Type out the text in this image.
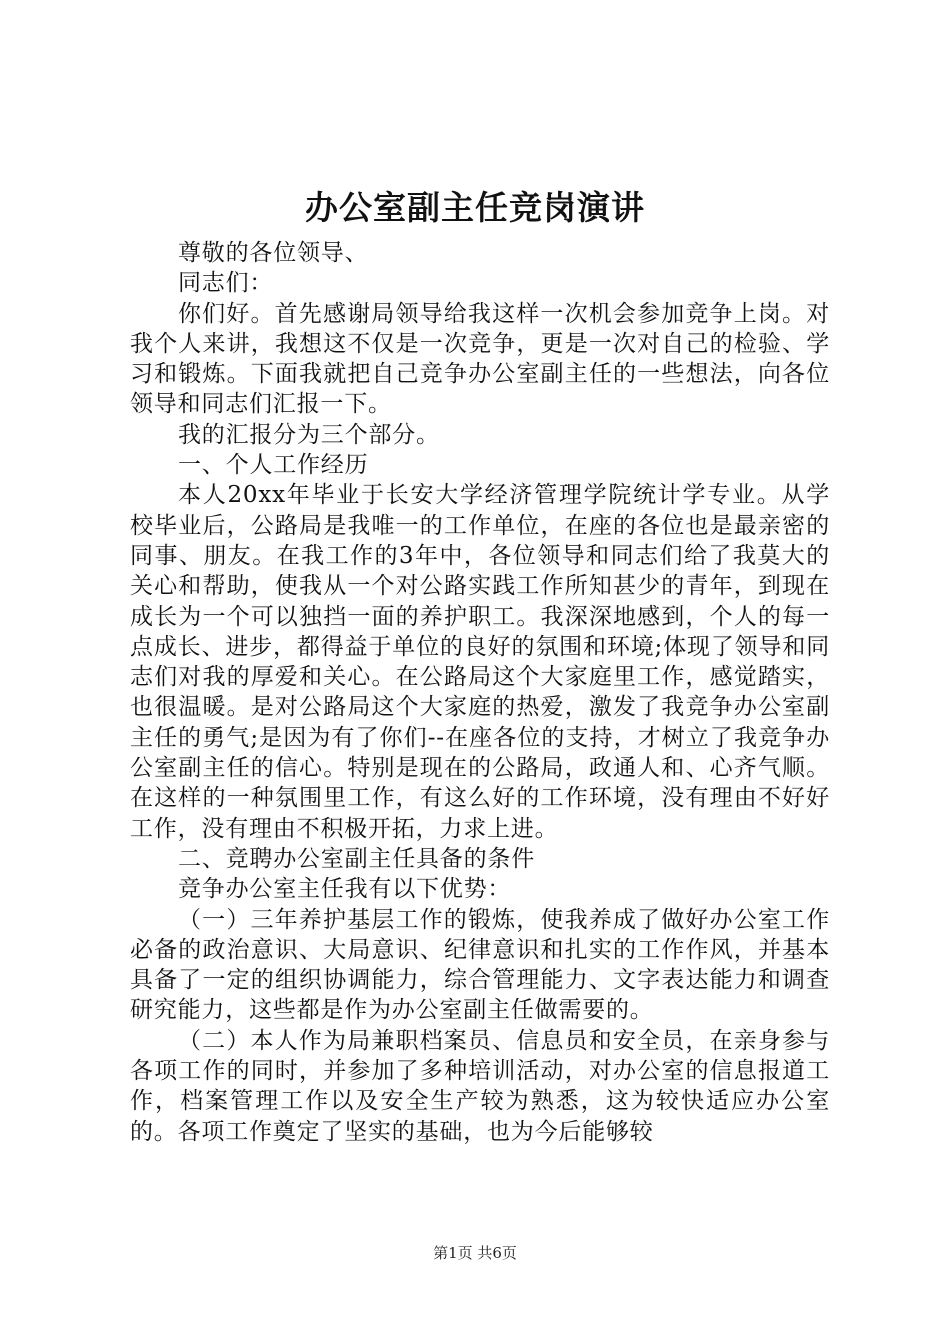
办公室副主任竞岗演讲

尊敬的各位领导、

同志们：

你们好。首先感谢局领导给我这样一次机会参加竞争上岗。对我个人来讲，我想这不仅是一次竞争，更是一次对自己的检验、学习和锻炼。下面我就把自己竞争办公室副主任的一些想法，向各位领导和同志们汇报一下。

我的汇报分为三个部分。

一、个人工作经历

本人20xx年毕业于长安大学经济管理学院统计学专业。从学校毕业后，公路局是我唯一的工作单位，在座的各位也是最亲密的同事、朋友。在我工作的3年中，各位领导和同志们给了我莫大的关心和帮助，使我从一个对公路实践工作所知甚少的青年，到现在成长为一个可以独挡一面的养护职工。我深深地感到，个人的每一点成长、进步，都得益于单位的良好的氛围和环境;体现了领导和同志们对我的厚爱和关心。在公路局这个大家庭里工作，感觉踏实，也很温暖。是对公路局这个大家庭的热爱，激发了我竞争办公室副主任的勇气;是因为有了你们--在座各位的支持，才树立了我竞争办公室副主任的信心。特别是现在的公路局，政通人和、心齐气顺。在这样的一种氛围里工作，有这么好的工作环境，没有理由不好好工作，没有理由不积极开拓，力求上进。

二、竞聘办公室副主任具备的条件

竞争办公室主任我有以下优势：

（一）三年养护基层工作的锻炼，使我养成了做好办公室工作必备的政治意识、大局意识、纪律意识和扎实的工作作风，并基本具备了一定的组织协调能力，综合管理能力、文字表达能力和调查研究能力，这些都是作为办公室副主任做需要的。

（二）本人作为局兼职档案员、信息员和安全员，在亲身参与各项工作的同时，并参加了多种培训活动，对办公室的信息报道工作，档案管理工作以及安全生产较为熟悉，这为较快适应办公室的。各项工作奠定了坚实的基础，也为今后能够较

第1页 共6页
